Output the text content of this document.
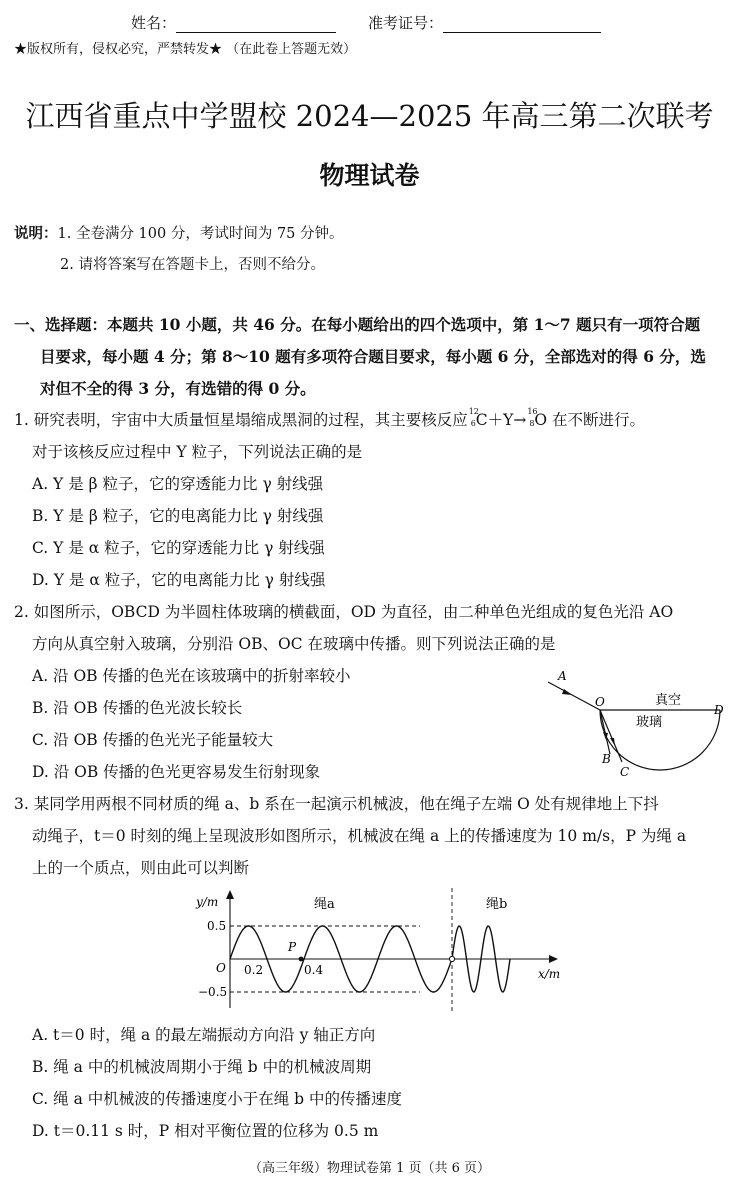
姓名：	准考证号：
★版权所有，侵权必究，严禁转发★ （在此卷上答题无效）
江西省重点中学盟校 2024—2025 年高三第二次联考
物理试卷
说明：1. 全卷满分 100 分，考试时间为 75 分钟。
2. 请将答案写在答题卡上，否则不给分。
一、选择题：本题共 10 小题，共 46 分。在每小题给出的四个选项中，第 1～7 题只有一项符合题
目要求，每小题 4 分；第 8～10 题有多项符合题目要求，每小题 6 分，全部选对的得 6 分，选
对但不全的得 3 分，有选错的得 0 分。
1. 研究表明，宇宙中大质量恒星塌缩成黑洞的过程，其主要核反应 12
6 C＋Y→ 16
8 O 在不断进行。
对于该核反应过程中 Y 粒子，下列说法正确的是
A. Y 是 β 粒子，它的穿透能力比 γ 射线强
B. Y 是 β 粒子，它的电离能力比 γ 射线强
C. Y 是 α 粒子，它的穿透能力比 γ 射线强
D. Y 是 α 粒子，它的电离能力比 γ 射线强
2. 如图所示，OBCD 为半圆柱体玻璃的横截面，OD 为直径，由二种单色光组成的复色光沿 AO
方向从真空射入玻璃，分别沿 OB、OC 在玻璃中传播。则下列说法正确的是
A. 沿 OB 传播的色光在该玻璃中的折射率较小
B. 沿 OB 传播的色光波长较长
C. 沿 OB 传播的色光光子能量较大
D. 沿 OB 传播的色光更容易发生衍射现象
A
O
D
B
C
真空
玻璃
3. 某同学用两根不同材质的绳 a、b 系在一起演示机械波，他在绳子左端 O 处有规律地上下抖
动绳子，t＝0 时刻的绳上呈现波形如图所示，机械波在绳 a 上的传播速度为 10 m/s，P 为绳 a
上的一个质点，则由此可以判断
y/m
x/m
绳a	绳b
O
P
0.5
−0.5
0.2	0.4
A. t＝0 时，绳 a 的最左端振动方向沿 y 轴正方向
B. 绳 a 中的机械波周期小于绳 b 中的机械波周期
C. 绳 a 中机械波的传播速度小于在绳 b 中的传播速度
D. t＝0.11 s 时，P 相对平衡位置的位移为 0.5 m
（高三年级）物理试卷第 1 页（共 6 页）
